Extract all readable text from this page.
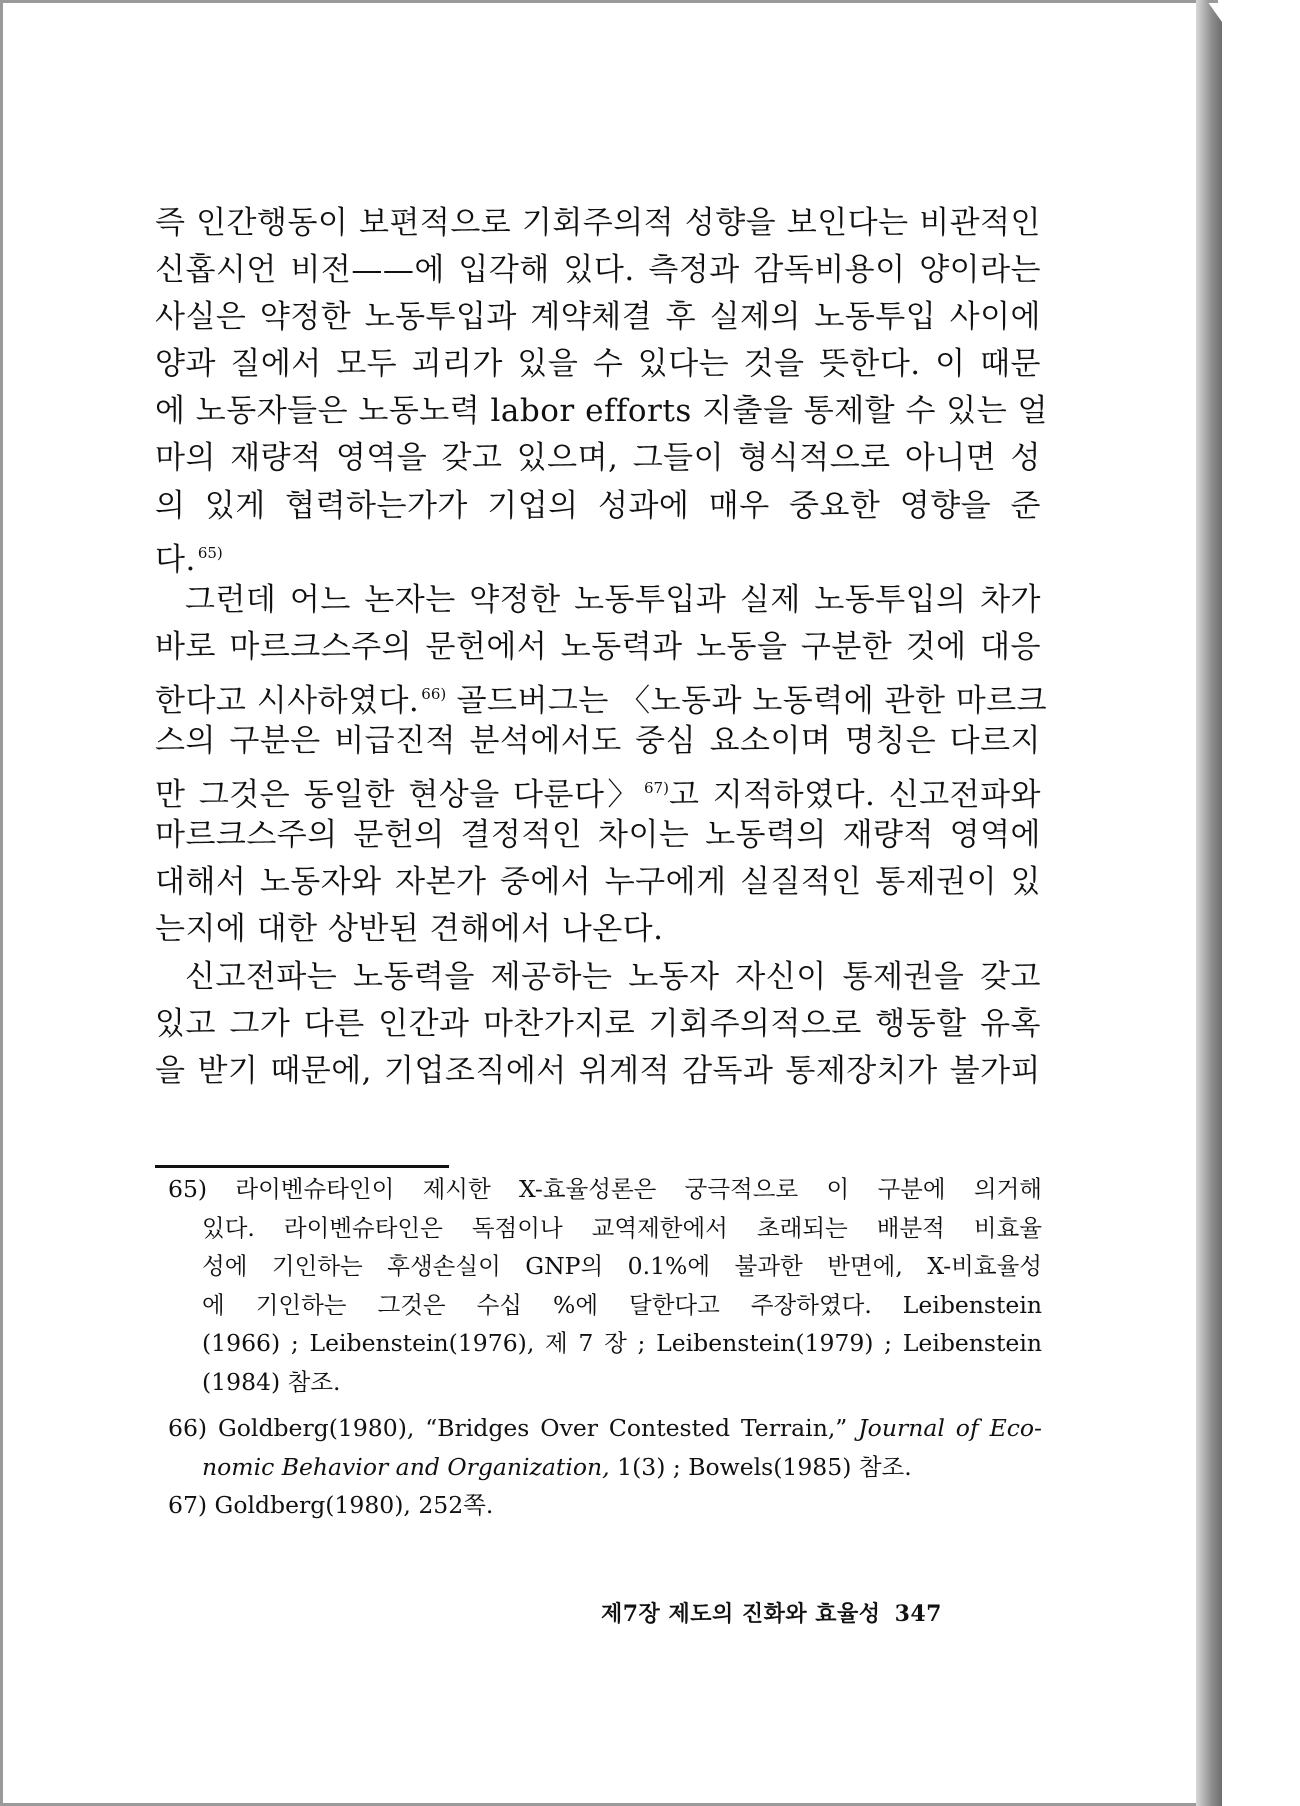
즉 인간행동이 보편적으로 기회주의적 성향을 보인다는 비관적인
신홉시언 비전——에 입각해 있다. 측정과 감독비용이 양이라는
사실은 약정한 노동투입과 계약체결 후 실제의 노동투입 사이에
양과 질에서 모두 괴리가 있을 수 있다는 것을 뜻한다. 이 때문
에 노동자들은 노동노력 labor efforts 지출을 통제할 수 있는 얼
마의 재량적 영역을 갖고 있으며, 그들이 형식적으로 아니면 성
의 있게 협력하는가가 기업의 성과에 매우 중요한 영향을 준
다. $^{65)}$
그런데 어느 논자는 약정한 노동투입과 실제 노동투입의 차가
바로 마르크스주의 문헌에서 노동력과 노동을 구분한 것에 대응
한다고 시사하였다. $^{66)}$ 골드버그는 〈노동과 노동력에 관한 마르크
스의 구분은 비급진적 분석에서도 중심 요소이며 명칭은 다르지
만 그것은 동일한 현상을 다룬다〉 $^{67)}$고 지적하였다. 신고전파와
마르크스주의 문헌의 결정적인 차이는 노동력의 재량적 영역에
대해서 노동자와 자본가 중에서 누구에게 실질적인 통제권이 있
는지에 대한 상반된 견해에서 나온다.
신고전파는 노동력을 제공하는 노동자 자신이 통제권을 갖고
있고 그가 다른 인간과 마찬가지로 기회주의적으로 행동할 유혹
을 받기 때문에, 기업조직에서 위계적 감독과 통제장치가 불가피
65) 라이벤슈타인이 제시한 X-효율성론은 궁극적으로 이 구분에 의거해
있다. 라이벤슈타인은 독점이나 교역제한에서 초래되는 배분적 비효율
성에 기인하는 후생손실이 GNP의 0.1%에 불과한 반면에, X-비효율성
에 기인하는 그것은 수십 %에 달한다고 주장하였다. Leibenstein
(1966) ; Leibenstein(1976), 제 7 장 ; Leibenstein(1979) ; Leibenstein
(1984) 참조.
66) Goldberg(1980), “Bridges Over Contested Terrain,” Journal of Eco-
nomic Behavior and Organization, 1(3) ; Bowels(1985) 참조.
67) Goldberg(1980), 252쪽.
제7장 제도의 진화와 효율성 347
